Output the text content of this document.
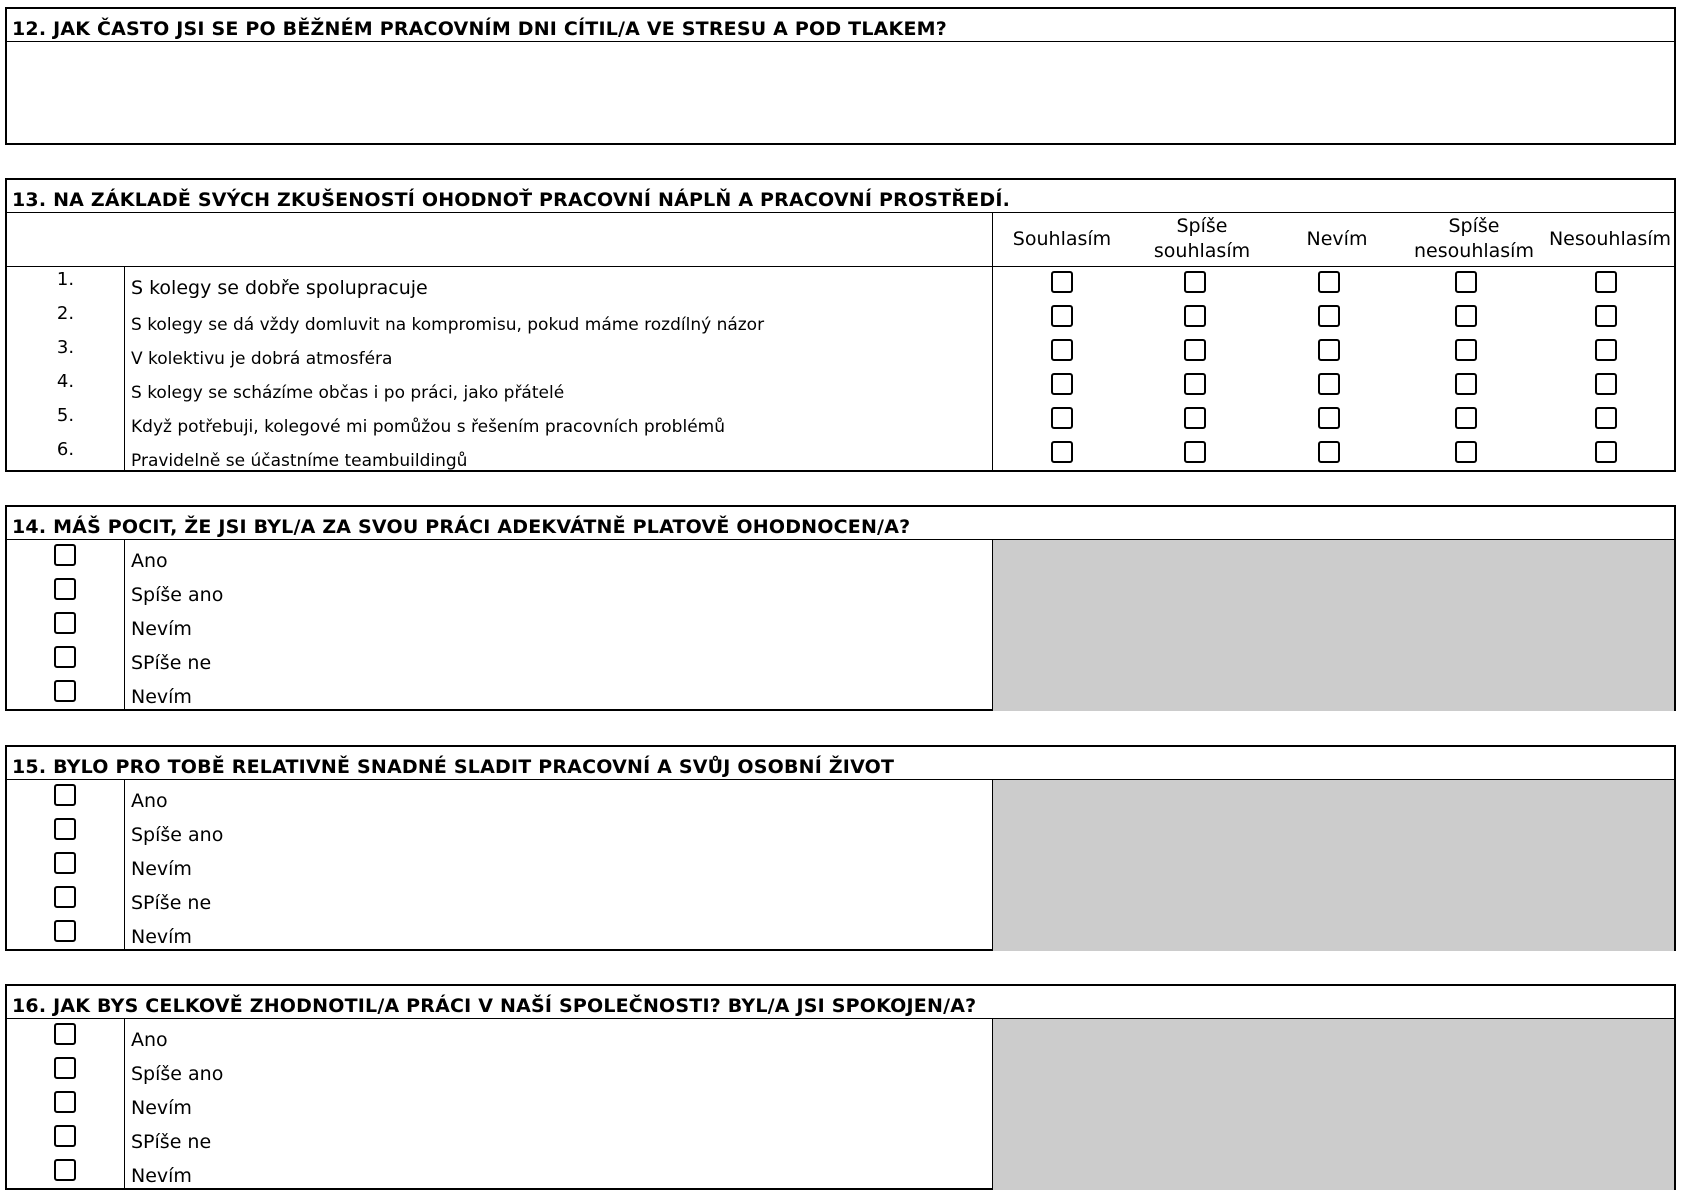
12. JAK ČASTO JSI SE PO BĚŽNÉM PRACOVNÍM DNI CÍTIL/A VE STRESU A POD TLAKEM?
13. NA ZÁKLADĚ SVÝCH ZKUŠENOSTÍ OHODNOŤ PRACOVNÍ NÁPLŇ A PRACOVNÍ PROSTŘEDÍ.
Souhlasím
Spíše souhlasím
Nevím
Spíše nesouhlasím
Nesouhlasím
1.	S kolegy se dobře spolupracuje
2.
S kolegy se dá vždy domluvit na kompromisu, pokud máme rozdílný názor
3.
V kolektivu je dobrá atmosféra
4.
S kolegy se scházíme občas i po práci, jako přátelé
5.
Když potřebuji, kolegové mi pomůžou s řešením pracovních problémů
6.
Pravidelně se účastníme teambuildingů
14. MÁŠ POCIT, ŽE JSI BYL/A ZA SVOU PRÁCI ADEKVÁTNĚ PLATOVĚ OHODNOCEN/A?
Ano
Spíše ano
Nevím
SPíše ne
Nevím
15. BYLO PRO TOBĚ RELATIVNĚ SNADNÉ SLADIT PRACOVNÍ A SVŮJ OSOBNÍ ŽIVOT
Ano
Spíše ano
Nevím
SPíše ne
Nevím
16. JAK BYS CELKOVĚ ZHODNOTIL/A PRÁCI V NAŠÍ SPOLEČNOSTI? BYL/A JSI SPOKOJEN/A?
Ano
Spíše ano
Nevím
SPíše ne
Nevím
